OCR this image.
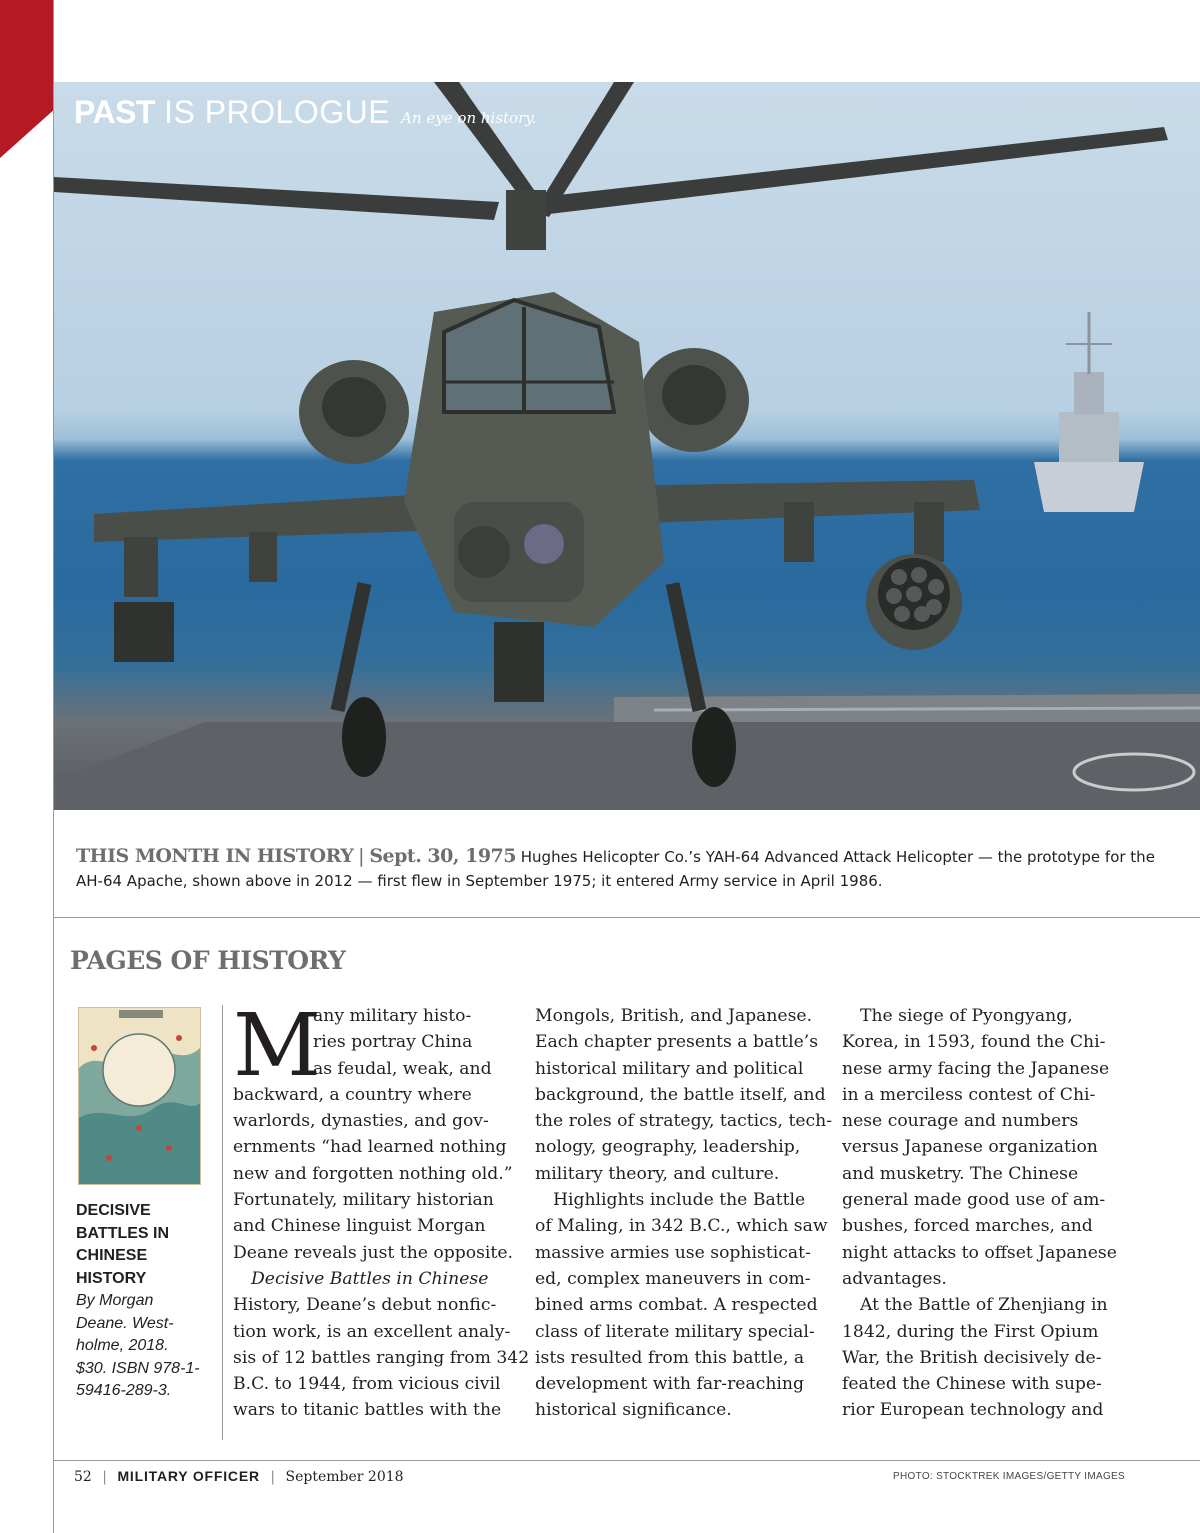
PAST IS PROLOGUE An eye on history.
THIS MONTH IN HISTORY | Sept. 30, 1975 Hughes Helicopter Co.’s YAH-64 Advanced Attack Helicopter — the prototype for the AH-64 Apache, shown above in 2012 — first flew in September 1975; it entered Army service in April 1986.
PAGES OF HISTORY
DECISIVE
BATTLES IN
CHINESE
HISTORY
By Morgan
Deane. West-
holme, 2018.
$30. ISBN 978-1-
59416-289-3.
M
any military histo-
ries portray China
as feudal, weak, and
backward, a country where
warlords, dynasties, and gov-
ernments “had learned nothing
new and forgotten nothing old.”
Fortunately, military historian
and Chinese linguist Morgan
Deane reveals just the opposite.
Decisive Battles in Chinese
History, Deane’s debut nonfic-
tion work, is an excellent analy-
sis of 12 battles ranging from 342
B.C. to 1944, from vicious civil
wars to titanic battles with the
Mongols, British, and Japanese.
Each chapter presents a battle’s
historical military and political
background, the battle itself, and
the roles of strategy, tactics, tech-
nology, geography, leadership,
military theory, and culture.
Highlights include the Battle
of Maling, in 342 B.C., which saw
massive armies use sophisticat-
ed, complex maneuvers in com-
bined arms combat. A respected
class of literate military special-
ists resulted from this battle, a
development with far-reaching
historical significance.
The siege of Pyongyang,
Korea, in 1593, found the Chi-
nese army facing the Japanese
in a merciless contest of Chi-
nese courage and numbers
versus Japanese organization
and musketry. The Chinese
general made good use of am-
bushes, forced marches, and
night attacks to offset Japanese
advantages.
At the Battle of Zhenjiang in
1842, during the First Opium
War, the British decisively de-
feated the Chinese with supe-
rior European technology and
52 | MILITARY OFFICER | September 2018	PHOTO: STOCKTREK IMAGES/GETTY IMAGES
